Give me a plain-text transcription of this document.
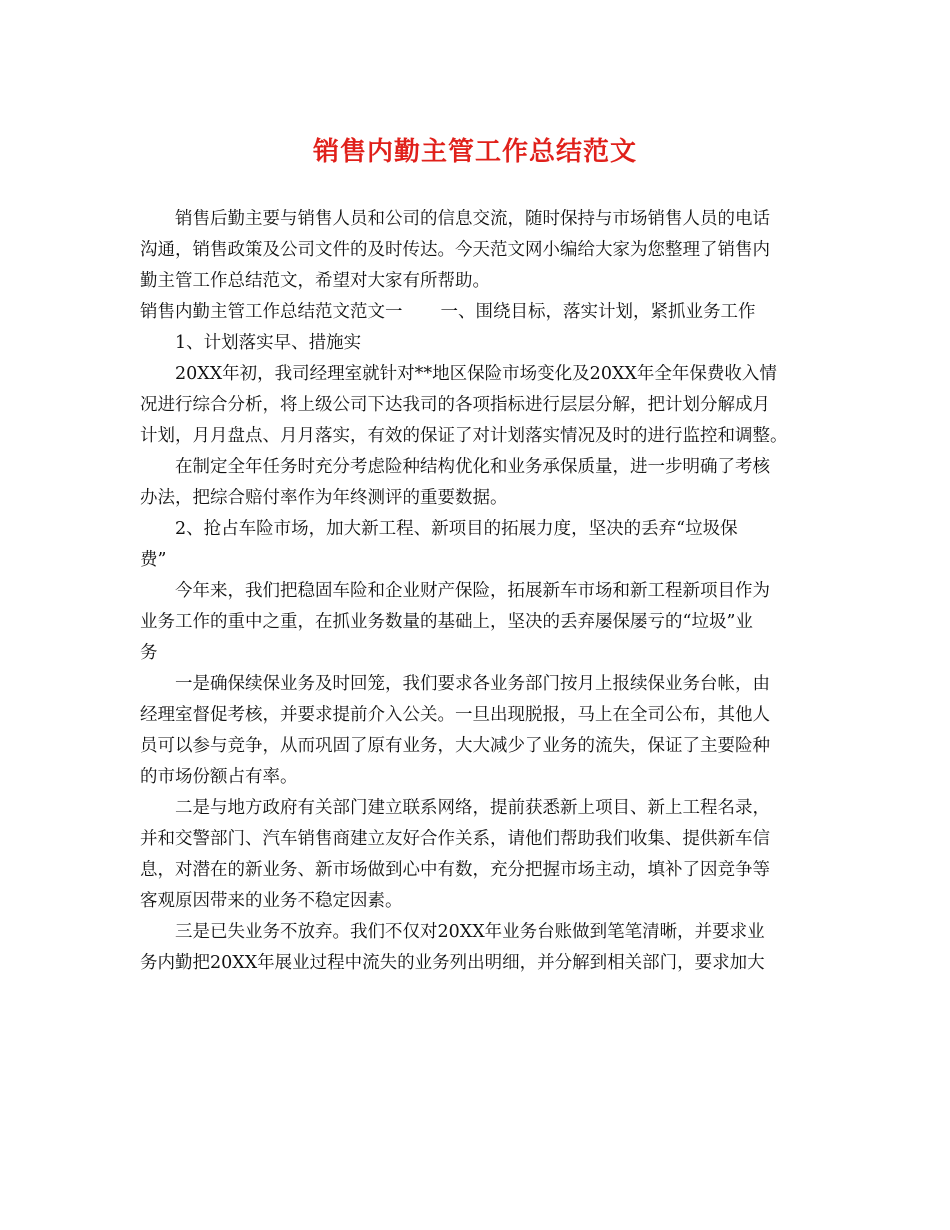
销售内勤主管工作总结范文
销售后勤主要与销售人员和公司的信息交流，随时保持与市场销售人员的电话
沟通，销售政策及公司文件的及时传达。今天范文网小编给大家为您整理了销售内
勤主管工作总结范文，希望对大家有所帮助。
销售内勤主管工作总结范文范文一 一、围绕目标，落实计划，紧抓业务工作
1、计划落实早、措施实
20XX年初，我司经理室就针对**地区保险市场变化及20XX年全年保费收入情
况进行综合分析，将上级公司下达我司的各项指标进行层层分解，把计划分解成月
计划，月月盘点、月月落实，有效的保证了对计划落实情况及时的进行监控和调整。
在制定全年任务时充分考虑险种结构优化和业务承保质量，进一步明确了考核
办法，把综合赔付率作为年终测评的重要数据。
2、抢占车险市场，加大新工程、新项目的拓展力度，坚决的丢弃“垃圾保
费”
今年来，我们把稳固车险和企业财产保险，拓展新车市场和新工程新项目作为
业务工作的重中之重，在抓业务数量的基础上，坚决的丢弃屡保屡亏的“垃圾”业
务
一是确保续保业务及时回笼，我们要求各业务部门按月上报续保业务台帐，由
经理室督促考核，并要求提前介入公关。一旦出现脱报，马上在全司公布，其他人
员可以参与竞争，从而巩固了原有业务，大大减少了业务的流失，保证了主要险种
的市场份额占有率。
二是与地方政府有关部门建立联系网络，提前获悉新上项目、新上工程名录，
并和交警部门、汽车销售商建立友好合作关系，请他们帮助我们收集、提供新车信
息，对潜在的新业务、新市场做到心中有数，充分把握市场主动，填补了因竞争等
客观原因带来的业务不稳定因素。
三是已失业务不放弃。我们不仅对20XX年业务台账做到笔笔清晰，并要求业
务内勤把20XX年展业过程中流失的业务列出明细，并分解到相关部门，要求加大
